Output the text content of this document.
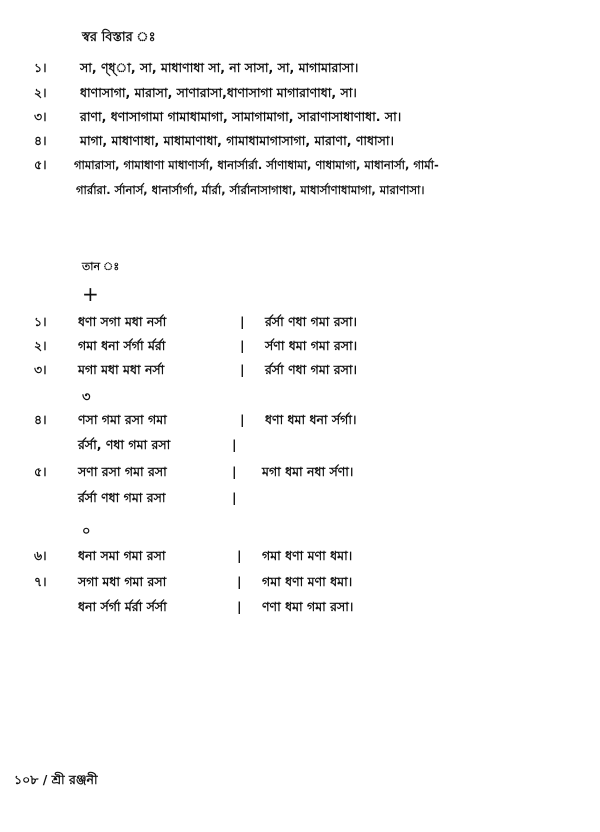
স্বর বিস্তার ঃ
১।	সা, ণ্ধ্া, সা, মাধাণাধা সা, না সাসা, সা, মাগামারাসা।
২।	ধাণাসাগা, মারাসা, সাণারাসা,ধাণাসাগা মাগারাণাধা, সা।
৩।	রাণা, ধণাসাগামা গামাধামাগা, সামাগামাগা, সারাণাসাধাণাধা. সা।
৪।	মাগা, মাধাণাধা, মাধামাণাধা, গামাধামাগাসাগা, মারাণা, ণাধাসা।
৫। গামারাসা, গামাধাণা মাধাণার্সা, ধানার্সার্রা. র্সাণাধামা, ণাধামাগা, মাধানার্সা, গার্মা-
গার্রারা. র্সানার্স, ধানার্সার্গা, র্মার্রা, র্সার্রানাসাগাধা, মাধার্সাণাধামাগা, মারাণাসা।
তান ঃ
+
১।	ধণা সগা মধা নর্সা	| র্রর্সা ণধা গমা রসা।
২।	গমা ধনা র্সর্গা র্মর্রা	| র্সণা ধমা গমা রসা।
৩।	মগা মধা মধা নর্সা	| র্রর্সা ণধা গমা রসা।
৩
৪।	ণসা গমা রসা গমা	| ধণা ধমা ধনা র্সর্গা।
র্রর্সা, ণধা গমা রসা	|
৫।	সণা রসা গমা রসা	| মগা ধমা নধা র্সণা।
র্রর্সা ণধা গমা রসা	|
০
৬।	ধনা সমা গমা রসা	| গমা ধণা মণা ধমা।
৭।	সগা মধা গমা রসা	| গমা ধণা মণা ধমা।
ধনা র্সর্গা র্মর্রা র্সর্সা	| ণণা ধমা গমা রসা।
১০৮ / শ্রী রঞ্জনী
